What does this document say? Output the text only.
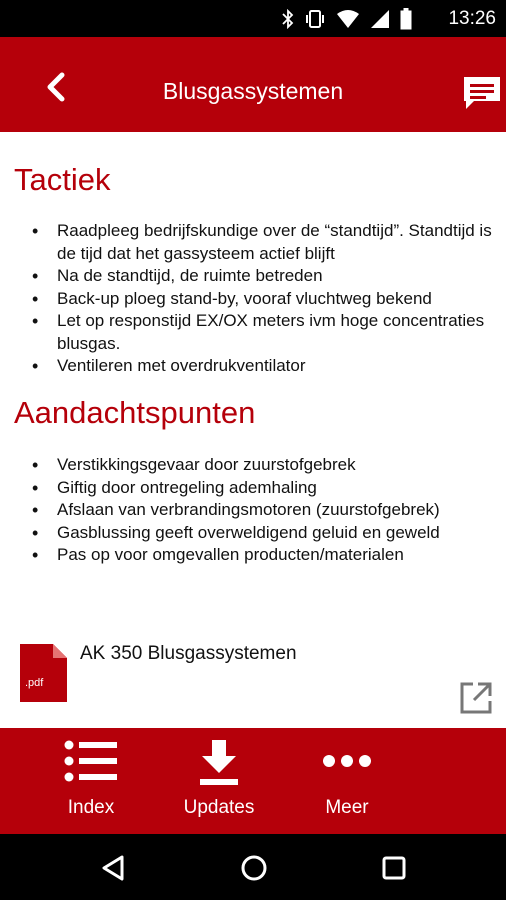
13:26
Blusgassystemen
Tactiek
• Raadpleeg bedrijfskundige over de “standtijd”. Standtijd is de tijd dat het gassysteem actief blijft
• Na de standtijd, de ruimte betreden
• Back-up ploeg stand-by, vooraf vluchtweg bekend
• Let op responstijd EX/OX meters ivm hoge concentraties blusgas.
• Ventileren met overdrukventilator
Aandachtspunten
• Verstikkingsgevaar door zuurstofgebrek
• Giftig door ontregeling ademhaling
• Afslaan van verbrandingsmotoren (zuurstofgebrek)
• Gasblussing geeft overweldigend geluid en geweld
• Pas op voor omgevallen producten/materialen
.pdf
AK 350 Blusgassystemen
Index	Updates	Meer
